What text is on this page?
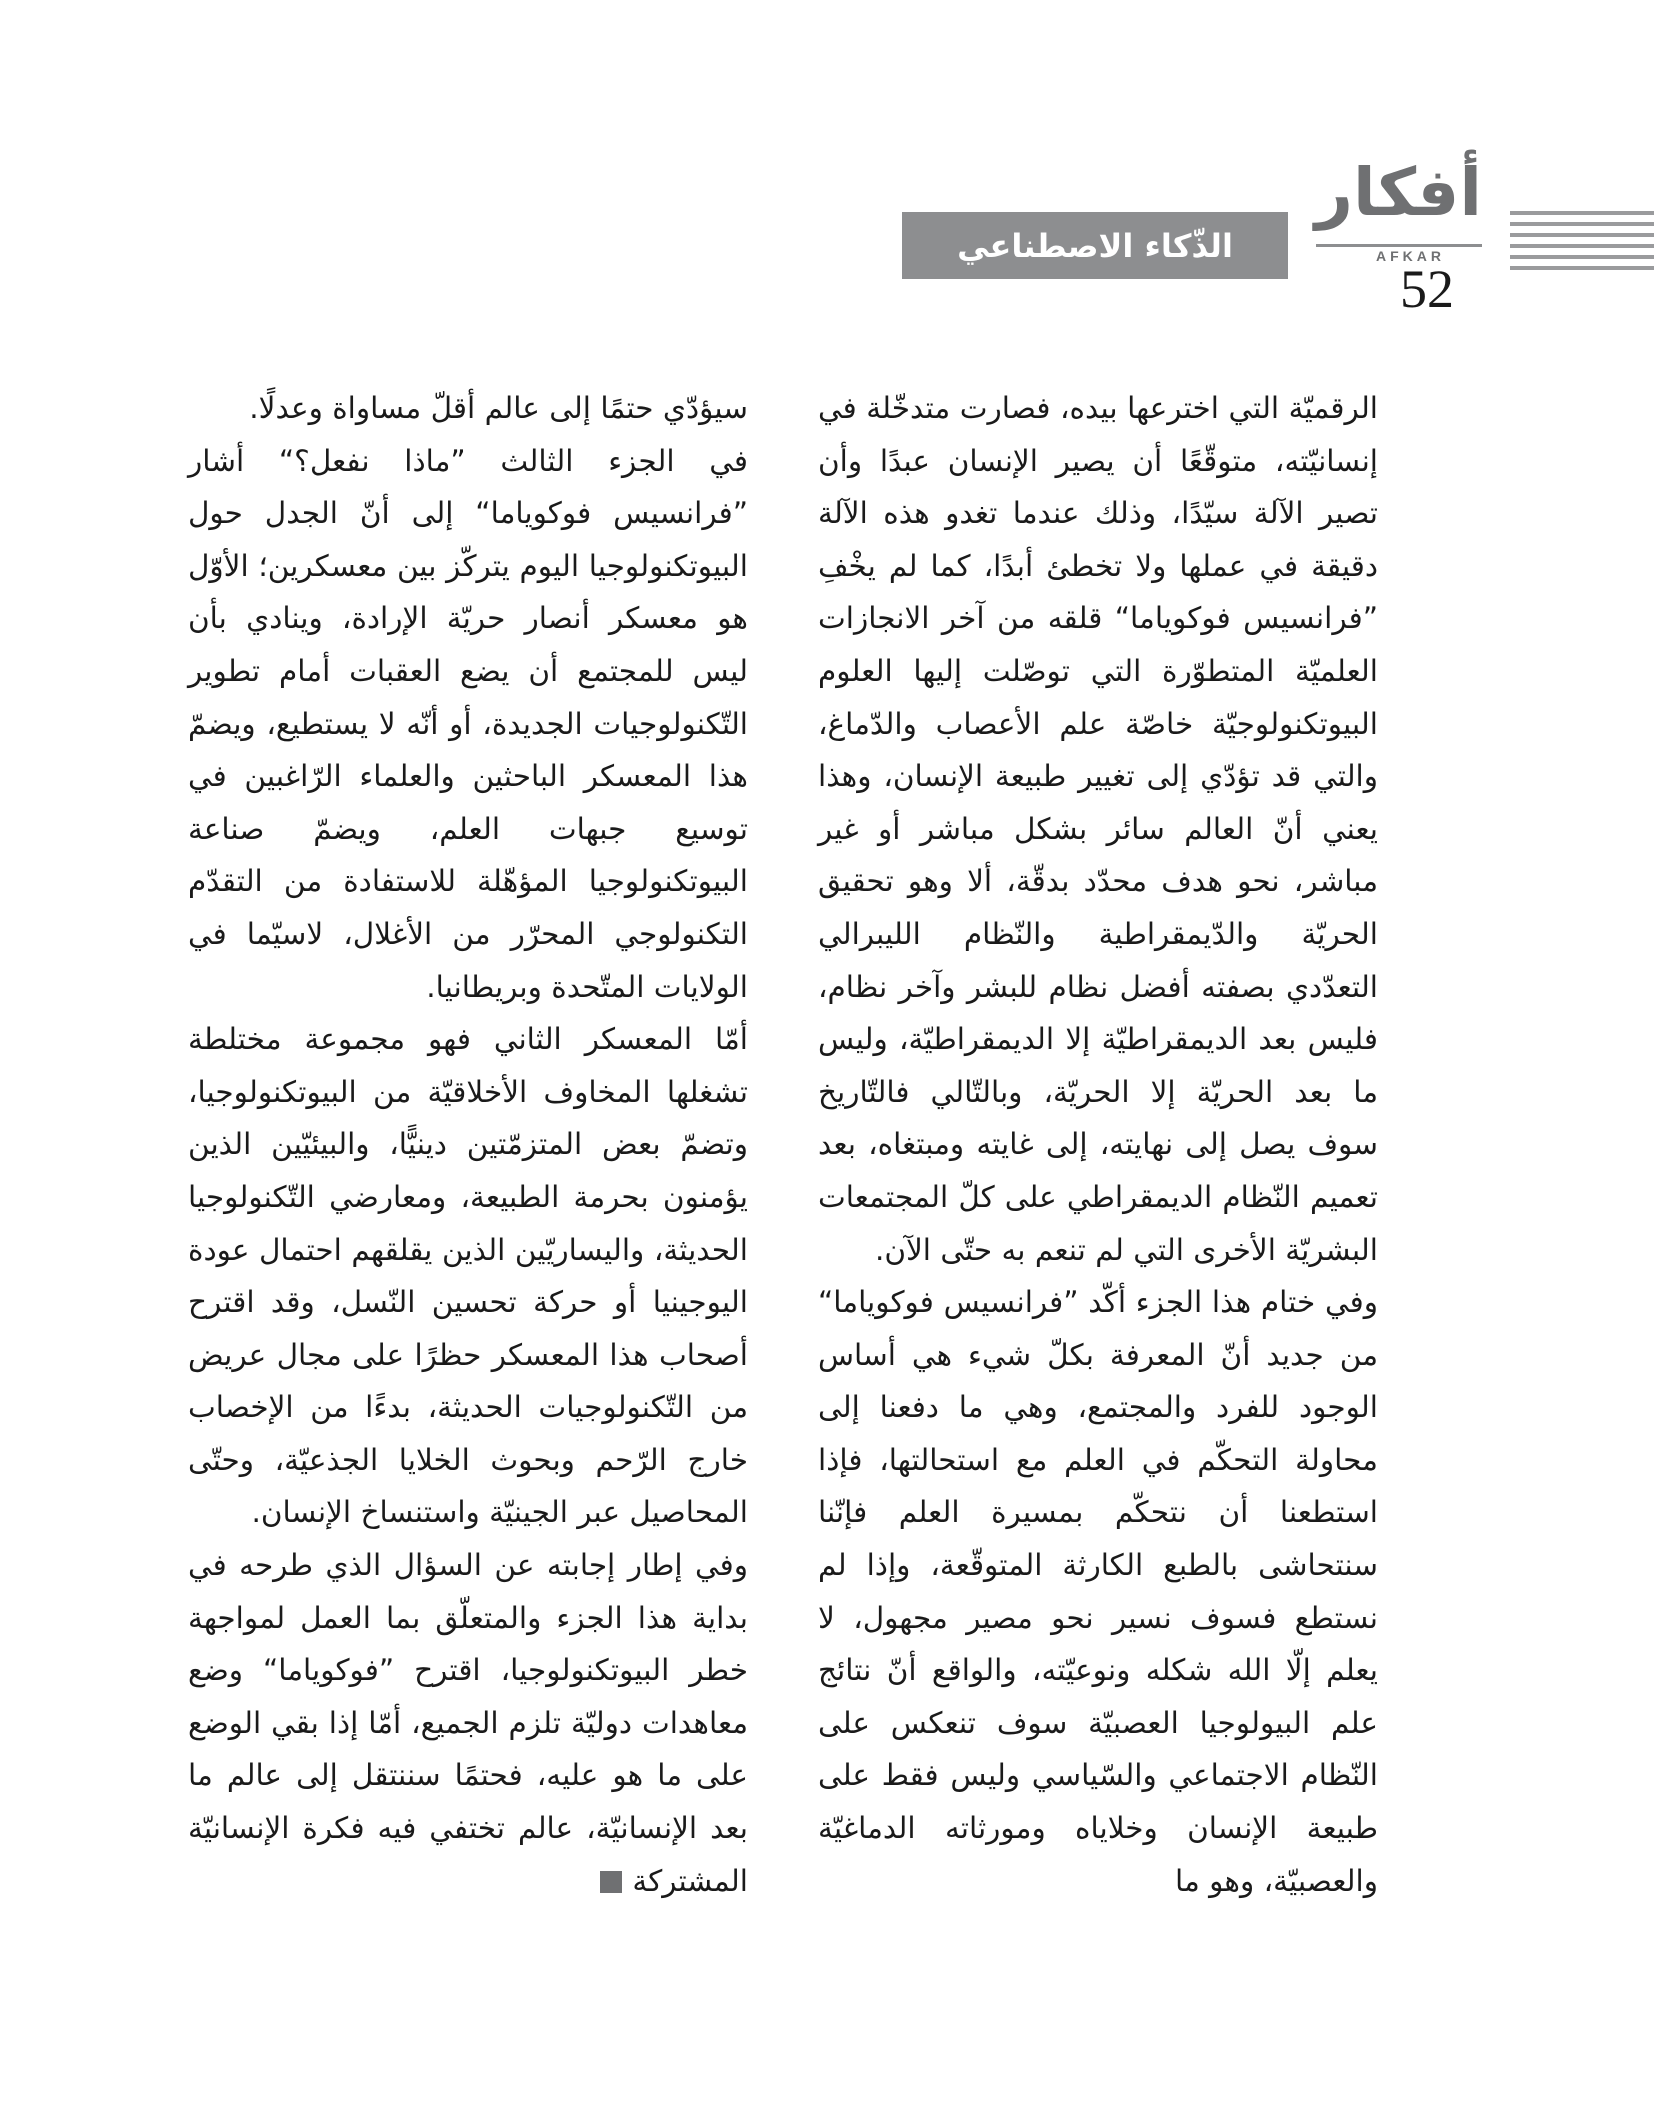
أفكار
AFKAR
الذّكاء الاصطناعي
52

الرقميّة التي اخترعها بيده، فصارت متدخّلة في إنسانيّته، متوقّعًا أن يصير الإنسان عبدًا وأن تصير الآلة سيّدًا، وذلك عندما تغدو هذه الآلة دقيقة في عملها ولا تخطئ أبدًا، كما لم يخْفِ ”فرانسيس فوكوياما“ قلقه من آخر الانجازات العلميّة المتطوّرة التي توصّلت إليها العلوم البيوتكنولوجيّة خاصّة علم الأعصاب والدّماغ، والتي قد تؤدّي إلى تغيير طبيعة الإنسان، وهذا يعني أنّ العالم سائر بشكل مباشر أو غير مباشر، نحو هدف محدّد بدقّة، ألا وهو تحقيق الحريّة والدّيمقراطية والنّظام الليبرالي التعدّدي بصفته أفضل نظام للبشر وآخر نظام، فليس بعد الديمقراطيّة إلا الديمقراطيّة، وليس ما بعد الحريّة إلا الحريّة، وبالتّالي فالتّاريخ سوف يصل إلى نهايته، إلى غايته ومبتغاه، بعد تعميم النّظام الديمقراطي على كلّ المجتمعات البشريّة الأخرى التي لم تنعم به حتّى الآن.

وفي ختام هذا الجزء أكّد ”فرانسيس فوكوياما“ من جديد أنّ المعرفة بكلّ شيء هي أساس الوجود للفرد والمجتمع، وهي ما دفعنا إلى محاولة التحكّم في العلم مع استحالتها، فإذا استطعنا أن نتحكّم بمسيرة العلم فإنّنا سنتحاشى بالطبع الكارثة المتوقّعة، وإذا لم نستطع فسوف نسير نحو مصير مجهول، لا يعلم إلّا الله شكله ونوعيّته، والواقع أنّ نتائج علم البيولوجيا العصبيّة سوف تنعكس على النّظام الاجتماعي والسّياسي وليس فقط على طبيعة الإنسان وخلاياه ومورثاته الدماغيّة والعصبيّة، وهو ما

سيؤدّي حتمًا إلى عالم أقلّ مساواة وعدلًا.

في الجزء الثالث ”ماذا نفعل؟“ أشار ”فرانسيس فوكوياما“ إلى أنّ الجدل حول البيوتكنولوجيا اليوم يتركّز بين معسكرين؛ الأوّل هو معسكر أنصار حريّة الإرادة، وينادي بأن ليس للمجتمع أن يضع العقبات أمام تطوير التّكنولوجيات الجديدة، أو أنّه لا يستطيع، ويضمّ هذا المعسكر الباحثين والعلماء الرّاغبين في توسيع جبهات العلم، ويضمّ صناعة البيوتكنولوجيا المؤهّلة للاستفادة من التقدّم التكنولوجي المحرّر من الأغلال، لاسيّما في الولايات المتّحدة وبريطانيا.

أمّا المعسكر الثاني فهو مجموعة مختلطة تشغلها المخاوف الأخلاقيّة من البيوتكنولوجيا، وتضمّ بعض المتزمّتين دينيًّا، والبيئيّين الذين يؤمنون بحرمة الطبيعة، ومعارضي التّكنولوجيا الحديثة، واليساريّين الذين يقلقهم احتمال عودة اليوجينيا أو حركة تحسين النّسل، وقد اقترح أصحاب هذا المعسكر حظرًا على مجال عريض من التّكنولوجيات الحديثة، بدءًا من الإخصاب خارج الرّحم وبحوث الخلايا الجذعيّة، وحتّى المحاصيل عبر الجينيّة واستنساخ الإنسان.

وفي إطار إجابته عن السؤال الذي طرحه في بداية هذا الجزء والمتعلّق بما العمل لمواجهة خطر البيوتكنولوجيا، اقترح ”فوكوياما“ وضع معاهدات دوليّة تلزم الجميع، أمّا إذا بقي الوضع على ما هو عليه، فحتمًا سننتقل إلى عالم ما بعد الإنسانيّة، عالم تختفي فيه فكرة الإنسانيّة المشتركة
